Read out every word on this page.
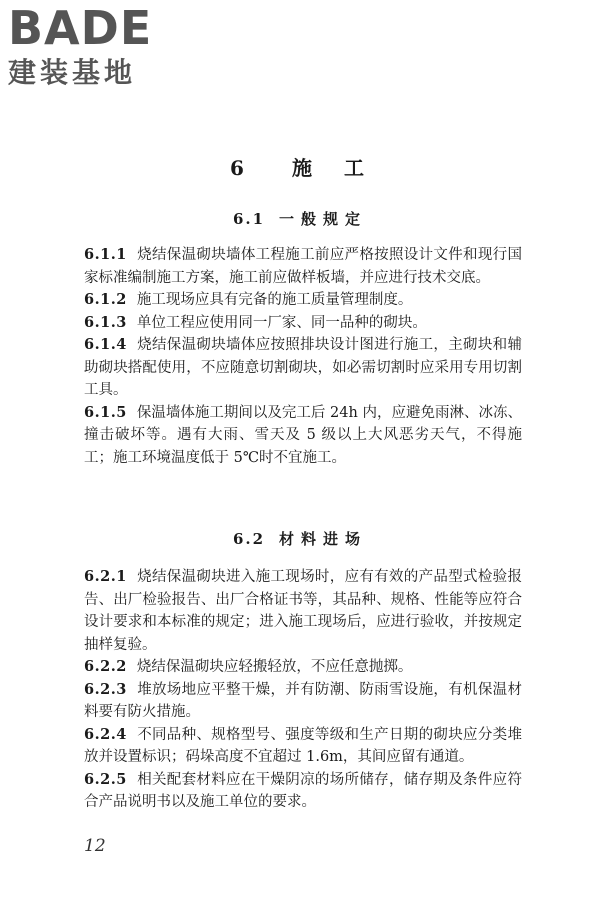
BADE
建装基地
6 施　工
6.1 一般规定

6.1.1 烧结保温砌块墙体工程施工前应严格按照设计文件和现行国家标准编制施工方案，施工前应做样板墙，并应进行技术交底。

6.1.2 施工现场应具有完备的施工质量管理制度。

6.1.3 单位工程应使用同一厂家、同一品种的砌块。

6.1.4 烧结保温砌块墙体应按照排块设计图进行施工，主砌块和辅助砌块搭配使用，不应随意切割砌块，如必需切割时应采用专用切割工具。

6.1.5 保温墙体施工期间以及完工后 24h 内，应避免雨淋、冰冻、撞击破坏等。遇有大雨、雪天及 5 级以上大风恶劣天气，不得施工；施工环境温度低于 5℃时不宜施工。

6.2 材料进场

6.2.1 烧结保温砌块进入施工现场时，应有有效的产品型式检验报告、出厂检验报告、出厂合格证书等，其品种、规格、性能等应符合设计要求和本标准的规定；进入施工现场后，应进行验收，并按规定抽样复验。

6.2.2 烧结保温砌块应轻搬轻放，不应任意抛掷。

6.2.3 堆放场地应平整干燥，并有防潮、防雨雪设施，有机保温材料要有防火措施。

6.2.4 不同品种、规格型号、强度等级和生产日期的砌块应分类堆放并设置标识；码垛高度不宜超过 1.6m，其间应留有通道。

6.2.5 相关配套材料应在干燥阴凉的场所储存，储存期及条件应符合产品说明书以及施工单位的要求。

12
